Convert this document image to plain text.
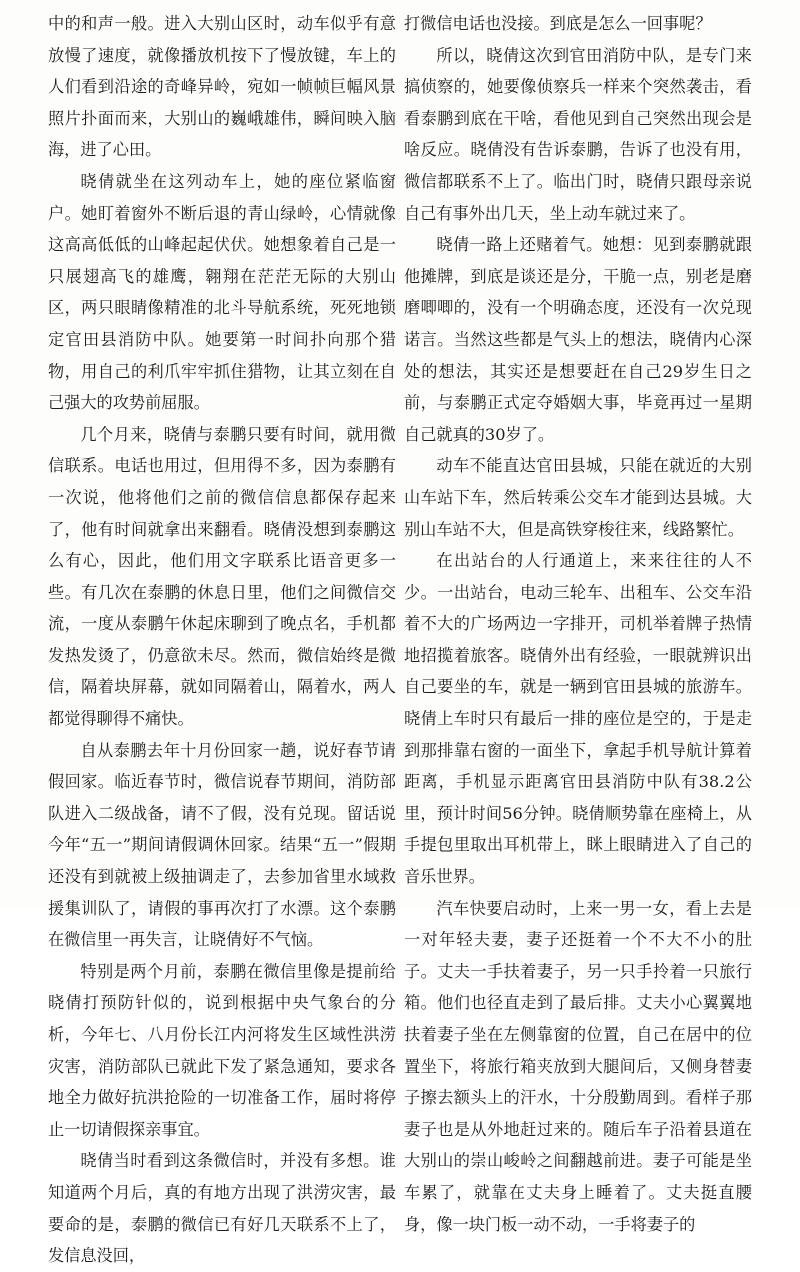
中的和声一般。进入大别山区时，动车似乎有意放慢了速度，就像播放机按下了慢放键，车上的人们看到沿途的奇峰异岭，宛如一帧帧巨幅风景照片扑面而来，大别山的巍峨雄伟，瞬间映入脑海，进了心田。

晓倩就坐在这列动车上，她的座位紧临窗户。她盯着窗外不断后退的青山绿岭，心情就像这高高低低的山峰起起伏伏。她想象着自己是一只展翅高飞的雄鹰，翱翔在茫茫无际的大别山区，两只眼睛像精准的北斗导航系统，死死地锁定官田县消防中队。她要第一时间扑向那个猎物，用自己的利爪牢牢抓住猎物，让其立刻在自己强大的攻势前屈服。

几个月来，晓倩与泰鹏只要有时间，就用微信联系。电话也用过，但用得不多，因为泰鹏有一次说，他将他们之前的微信信息都保存起来了，他有时间就拿出来翻看。晓倩没想到泰鹏这么有心，因此，他们用文字联系比语音更多一些。有几次在泰鹏的休息日里，他们之间微信交流，一度从泰鹏午休起床聊到了晚点名，手机都发热发烫了，仍意欲未尽。然而，微信始终是微信，隔着块屏幕，就如同隔着山，隔着水，两人都觉得聊得不痛快。

自从泰鹏去年十月份回家一趟，说好春节请假回家。临近春节时，微信说春节期间，消防部队进入二级战备，请不了假，没有兑现。留话说今年“五一”期间请假调休回家。结果“五一”假期还没有到就被上级抽调走了，去参加省里水域救援集训队了，请假的事再次打了水漂。这个泰鹏在微信里一再失言，让晓倩好不气恼。

特别是两个月前，泰鹏在微信里像是提前给晓倩打预防针似的，说到根据中央气象台的分析，今年七、八月份长江内河将发生区域性洪涝灾害，消防部队已就此下发了紧急通知，要求各地全力做好抗洪抢险的一切准备工作，届时将停止一切请假探亲事宜。

晓倩当时看到这条微信时，并没有多想。谁知道两个月后，真的有地方出现了洪涝灾害，最要命的是，泰鹏的微信已有好几天联系不上了，发信息没回，

打微信电话也没接。到底是怎么一回事呢？

所以，晓倩这次到官田消防中队，是专门来搞侦察的，她要像侦察兵一样来个突然袭击，看看泰鹏到底在干啥，看他见到自己突然出现会是啥反应。晓倩没有告诉泰鹏，告诉了也没有用，微信都联系不上了。临出门时，晓倩只跟母亲说自己有事外出几天，坐上动车就过来了。

晓倩一路上还赌着气。她想：见到泰鹏就跟他摊牌，到底是谈还是分，干脆一点，别老是磨磨唧唧的，没有一个明确态度，还没有一次兑现诺言。当然这些都是气头上的想法，晓倩内心深处的想法，其实还是想要赶在自己29岁生日之前，与泰鹏正式定夺婚姻大事，毕竟再过一星期自己就真的30岁了。

动车不能直达官田县城，只能在就近的大别山车站下车，然后转乘公交车才能到达县城。大别山车站不大，但是高铁穿梭往来，线路繁忙。

在出站台的人行通道上，来来往往的人不少。一出站台，电动三轮车、出租车、公交车沿着不大的广场两边一字排开，司机举着牌子热情地招揽着旅客。晓倩外出有经验，一眼就辨识出自己要坐的车，就是一辆到官田县城的旅游车。晓倩上车时只有最后一排的座位是空的，于是走到那排靠右窗的一面坐下，拿起手机导航计算着距离，手机显示距离官田县消防中队有38.2公里，预计时间56分钟。晓倩顺势靠在座椅上，从手提包里取出耳机带上，眯上眼睛进入了自己的音乐世界。

汽车快要启动时，上来一男一女，看上去是一对年轻夫妻，妻子还挺着一个不大不小的肚子。丈夫一手扶着妻子，另一只手拎着一只旅行箱。他们也径直走到了最后排。丈夫小心翼翼地扶着妻子坐在左侧靠窗的位置，自己在居中的位置坐下，将旅行箱夹放到大腿间后，又侧身替妻子擦去额头上的汗水，十分殷勤周到。看样子那妻子也是从外地赶过来的。随后车子沿着县道在大别山的崇山峻岭之间翻越前进。妻子可能是坐车累了，就靠在丈夫身上睡着了。丈夫挺直腰身，像一块门板一动不动，一手将妻子的
